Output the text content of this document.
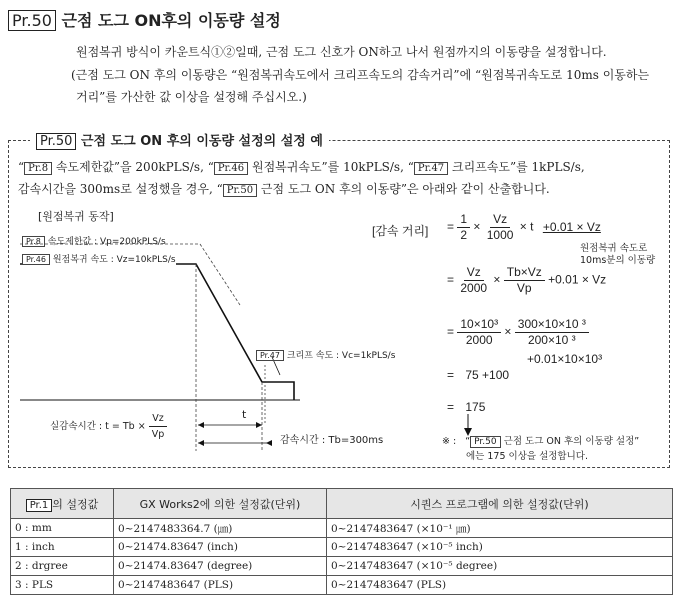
Pr.50 근점 도그 ON후의 이동량 설정
원점복귀 방식이 카운트식①②일때, 근점 도그 신호가 ON하고 나서 원점까지의 이동량을 설정합니다.
(근점 도그 ON 후의 이동량은 “원점복귀속도에서 크리프속도의 감속거리”에 “원점복귀속도로 10ms 이동하는
거리”를 가산한 값 이상을 설정해 주십시오.)
Pr.50 근점 도그 ON 후의 이동량 설정의 설정 예
“ Pr.8 속도제한값”을 200kPLS/s, “ Pr.46 원점복귀속도”를 10kPLS/s, “ Pr.47 크리프속도”를 1kPLS/s,
감속시간을 300ms로 설정했을 경우, “ Pr.50 근점 도그 ON 후의 이동량”은 아래와 같이 산출합니다.
[원점복귀 동작]
Pr.8 속도제한값 : Vp=200kPLS/s
Pr.46 원점복귀 속도 : Vz=10kPLS/s
Pr.47 크리프 속도 : Vc=1kPLS/s
t
실감속시간 : $t = Tb \times \frac{Vz}{Vp}$	감속시간 : Tb=300ms
[감속 거리] = $\frac{1}{2} \times \frac{Vz}{1000} \times t +0.01 \times Vz$
원점복귀 속도로
10ms분의 이동량
= $\frac{Vz}{2000} \times \frac{Tb\times Vz}{Vp} +0.01 \times Vz$
= $\frac{\text{10×10³}}{2000} \times \frac{\text{300×10×10 ³}}{\text{200×10 ³}}$
+0.01×10×10³
= 75 +100
= 175
※ : “ Pr.50 근점 도그 ON 후의 이동량 설정”
에는 175 이상을 설정합니다.
Pr.1 의 설정값	GX Works2에 의한 설정값(단위)	시퀀스 프로그램에 의한 설정값(단위)
0 : mm	0~2147483364.7 (㎛)	0~2147483647 (×10⁻¹ ㎛)
1 : inch	0~21474.83647 (inch)	0~2147483647 (×10⁻⁵ inch)
2 : drgree	0~21474.83647 (degree)	0~2147483647 (×10⁻⁵ degree)
3 : PLS	0~2147483647 (PLS)	0~2147483647 (PLS)
